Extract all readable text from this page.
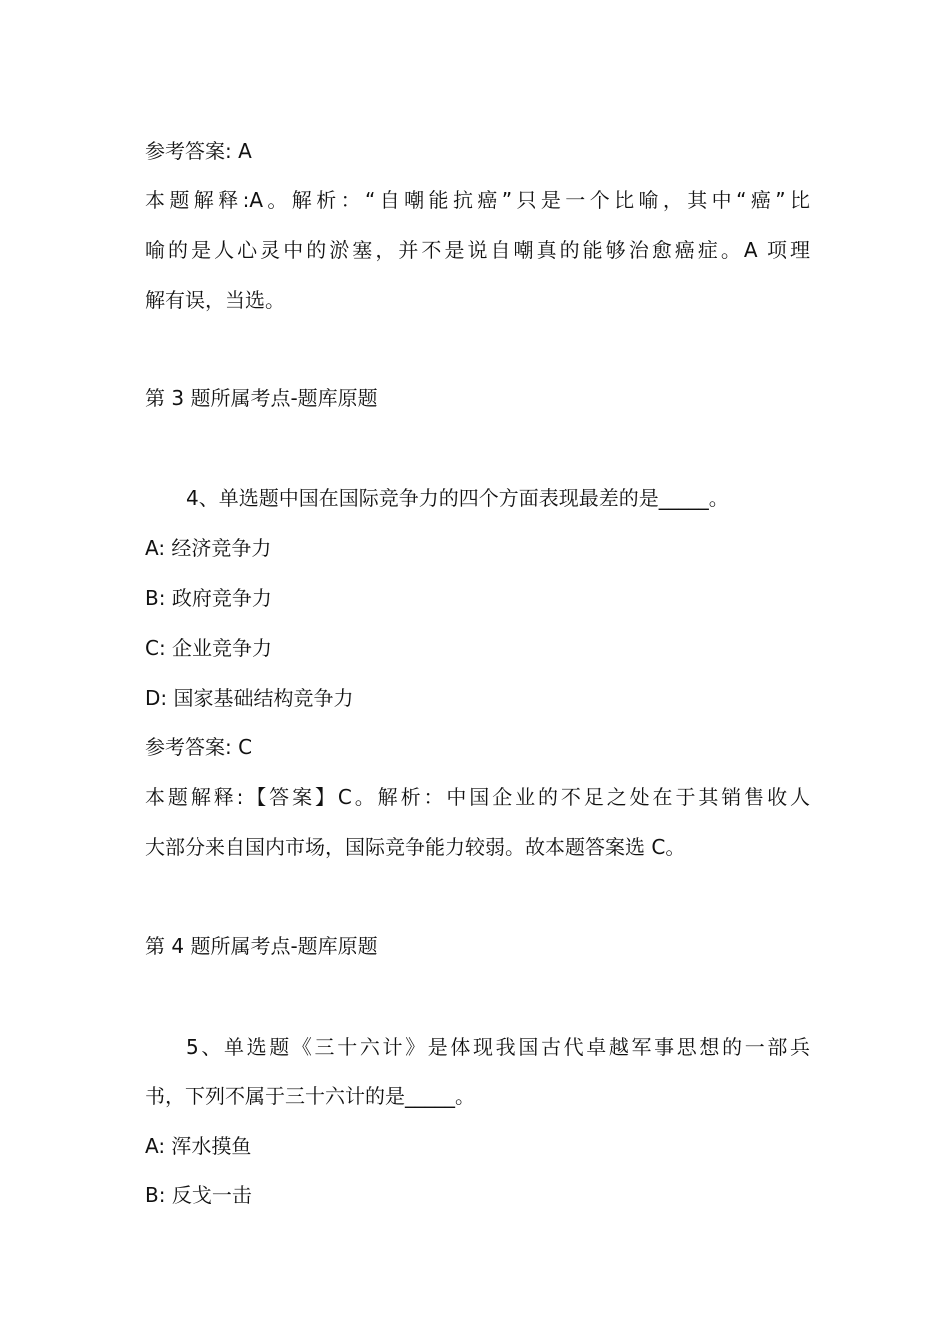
参考答案: A
本题解释:A。解析：“自嘲能抗癌”只是一个比喻，其中“癌”比
喻的是人心灵中的淤塞，并不是说自嘲真的能够治愈癌症。A 项理
解有误，当选。
第 3 题所属考点-题库原题
4、单选题中国在国际竞争力的四个方面表现最差的是_____。
A: 经济竞争力
B: 政府竞争力
C: 企业竞争力
D: 国家基础结构竞争力
参考答案: C
本题解释:【答案】C。解析：中国企业的不足之处在于其销售收人
大部分来自国内市场，国际竞争能力较弱。故本题答案选 C。
第 4 题所属考点-题库原题
5、单选题《三十六计》是体现我国古代卓越军事思想的一部兵
书，下列不属于三十六计的是_____。
A: 浑水摸鱼
B: 反戈一击
